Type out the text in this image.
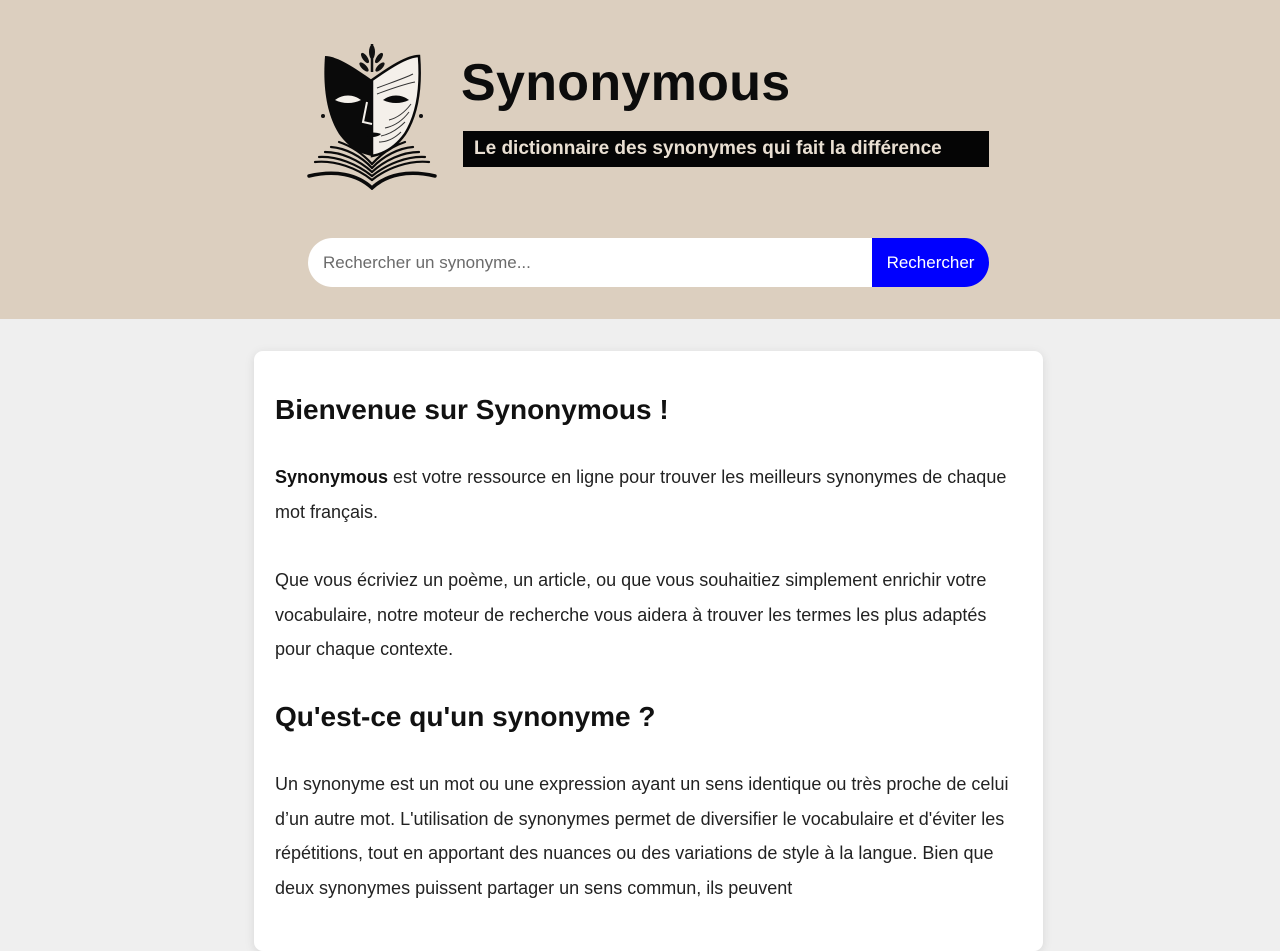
Synonymous
Le dictionnaire des synonymes qui fait la différence
Rechercher un synonyme...
Rechercher
Bienvenue sur Synonymous !

Synonymous est votre ressource en ligne pour trouver les meilleurs synonymes de chaque mot français.

Que vous écriviez un poème, un article, ou que vous souhaitiez simplement enrichir votre vocabulaire, notre moteur de recherche vous aidera à trouver les termes les plus adaptés pour chaque contexte.

Qu'est-ce qu'un synonyme ?

Un synonyme est un mot ou une expression ayant un sens identique ou très proche de celui d’un autre mot. L'utilisation de synonymes permet de diversifier le vocabulaire et d'éviter les répétitions, tout en apportant des nuances ou des variations de style à la langue. Bien que deux synonymes puissent partager un sens commun, ils peuvent
